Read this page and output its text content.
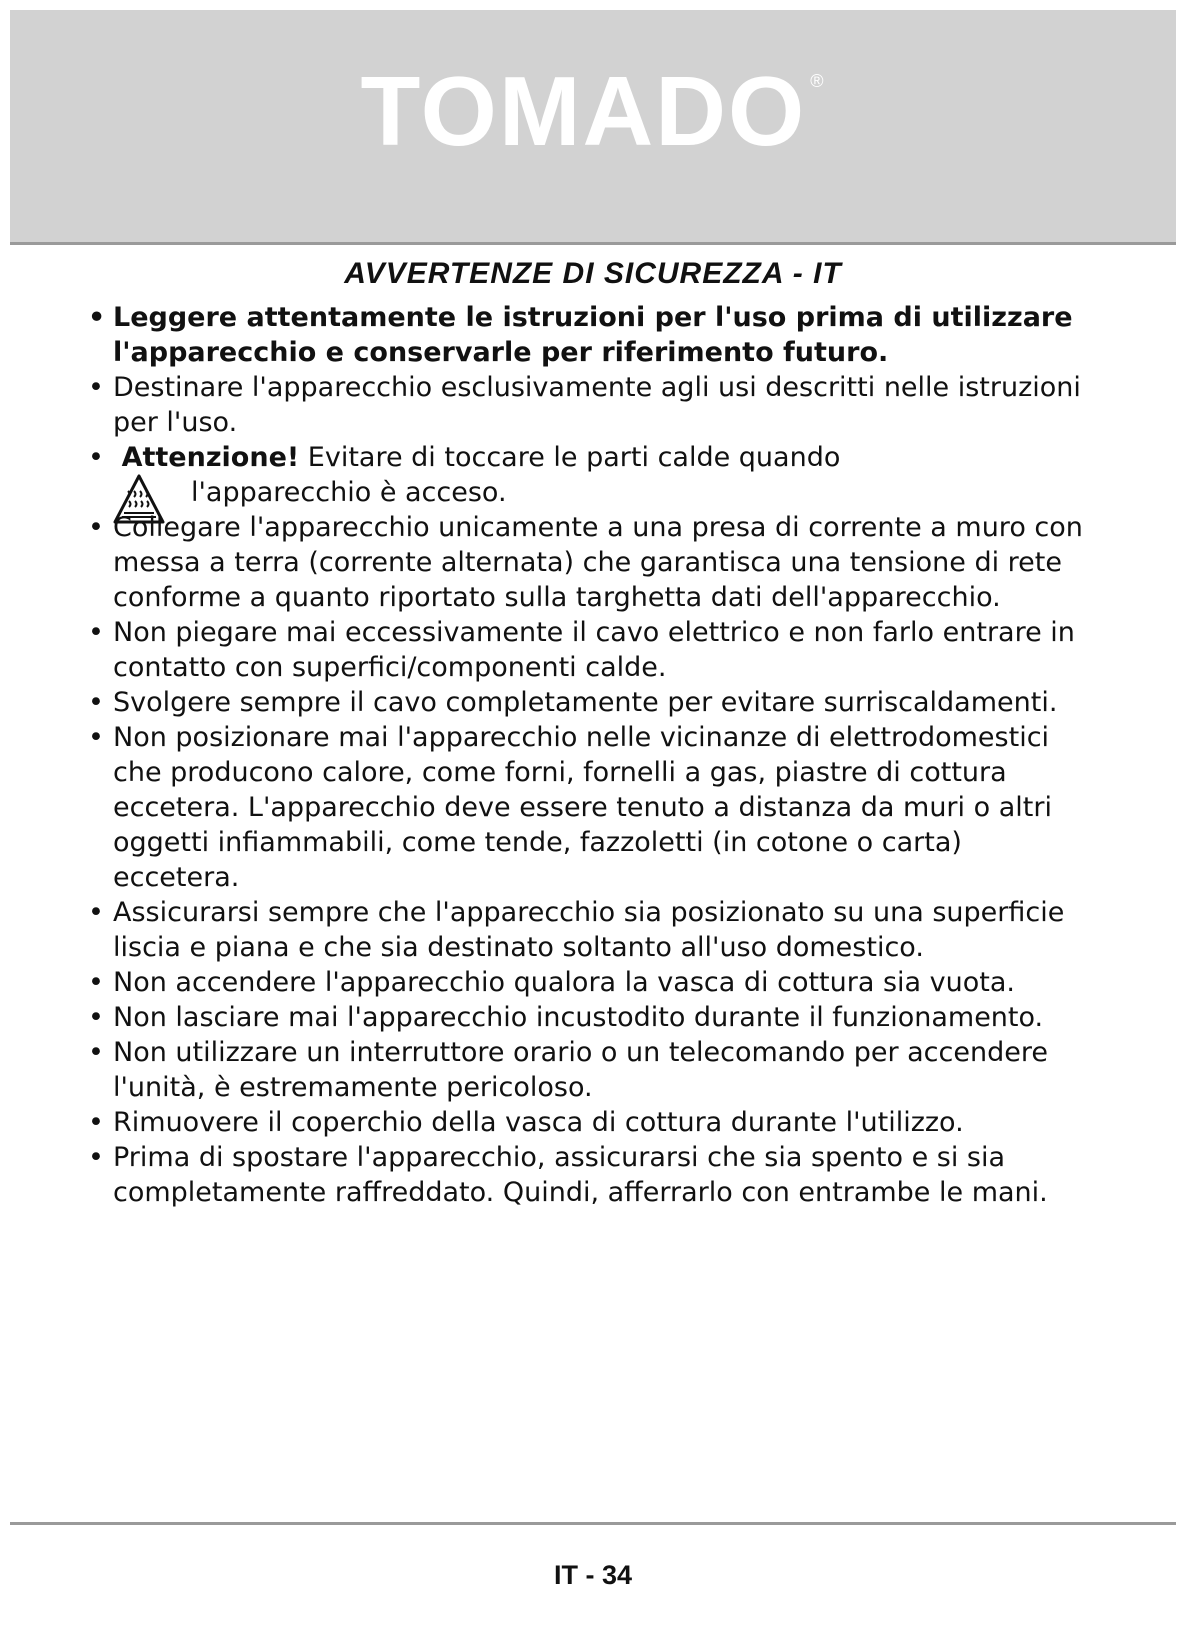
TOMADO ®
AVVERTENZE DI SICUREZZA - IT
• Leggere attentamente le istruzioni per l'uso prima di utilizzare l'apparecchio e conservarle per riferimento futuro.
• Destinare l'apparecchio esclusivamente agli usi descritti nelle istruzioni per l'uso.
• Attenzione! Evitare di toccare le parti calde quando
l'apparecchio è acceso.
• Collegare l'apparecchio unicamente a una presa di corrente a muro con messa a terra (corrente alternata) che garantisca una tensione di rete conforme a quanto riportato sulla targhetta dati dell'apparecchio.
• Non piegare mai eccessivamente il cavo elettrico e non farlo entrare in contatto con superfici/componenti calde.
• Svolgere sempre il cavo completamente per evitare surriscaldamenti.
• Non posizionare mai l'apparecchio nelle vicinanze di elettrodomestici che producono calore, come forni, fornelli a gas, piastre di cottura eccetera. L'apparecchio deve essere tenuto a distanza da muri o altri oggetti infiammabili, come tende, fazzoletti (in cotone o carta) eccetera.
• Assicurarsi sempre che l'apparecchio sia posizionato su una superficie liscia e piana e che sia destinato soltanto all'uso domestico.
• Non accendere l'apparecchio qualora la vasca di cottura sia vuota.
• Non lasciare mai l'apparecchio incustodito durante il funzionamento.
• Non utilizzare un interruttore orario o un telecomando per accendere l'unità, è estremamente pericoloso.
• Rimuovere il coperchio della vasca di cottura durante l'utilizzo.
• Prima di spostare l'apparecchio, assicurarsi che sia spento e si sia completamente raffreddato. Quindi, afferrarlo con entrambe le mani.
IT - 34
